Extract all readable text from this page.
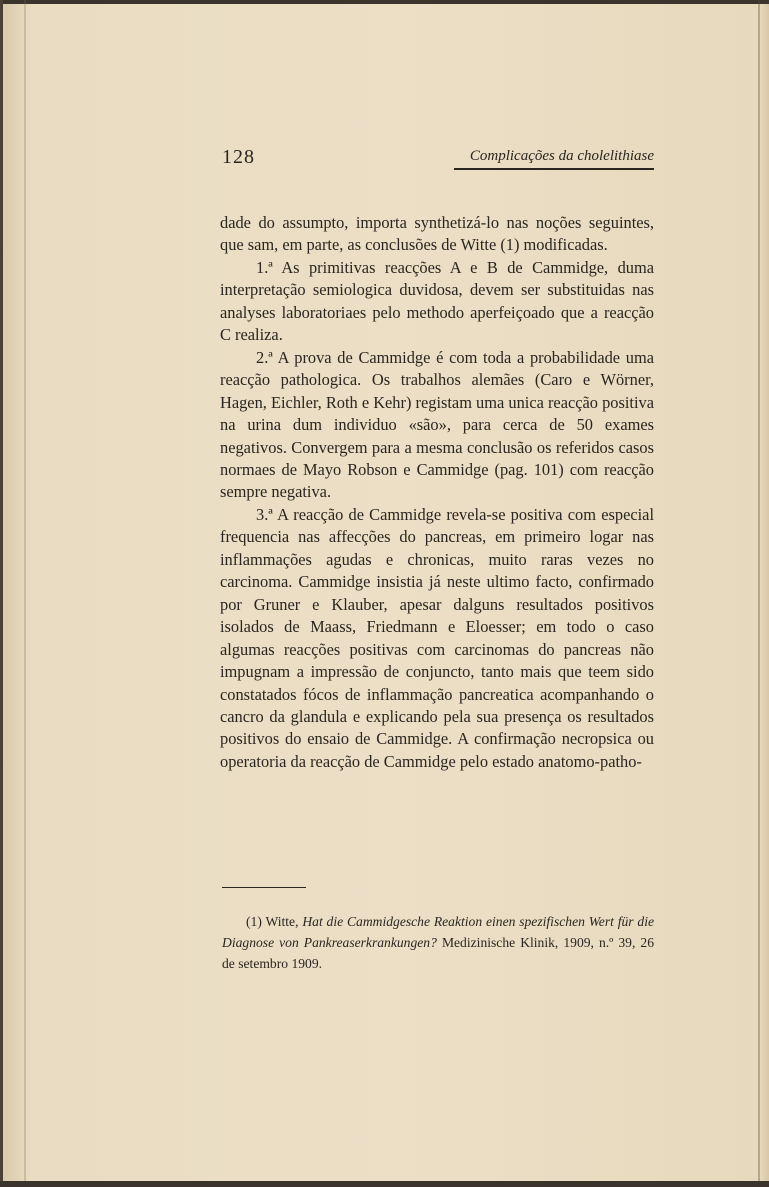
128	Complicações da cholelithiase

dade do assumpto, importa synthetizá-lo nas noções seguintes, que sam, em parte, as conclusões de Witte (1) modificadas.

1.ª As primitivas reacções A e B de Cammidge, duma interpretação semiologica duvidosa, devem ser substituidas nas analyses laboratoriaes pelo methodo aperfeiçoado que a reacção C realiza.

2.ª A prova de Cammidge é com toda a probabilidade uma reacção pathologica. Os trabalhos alemães (Caro e Wörner, Hagen, Eichler, Roth e Kehr) registam uma unica reacção positiva na urina dum individuo «são», para cerca de 50 exames negativos. Convergem para a mesma conclusão os referidos casos normaes de Mayo Robson e Cammidge (pag. 101) com reacção sempre negativa.

3.ª A reacção de Cammidge revela-se positiva com especial frequencia nas affecções do pancreas, em primeiro logar nas inflammações agudas e chronicas, muito raras vezes no carcinoma. Cammidge insistia já neste ultimo facto, confirmado por Gruner e Klauber, apesar dalguns resultados positivos isolados de Maass, Friedmann e Eloesser; em todo o caso algumas reacções positivas com carcinomas do pancreas não impugnam a impressão de conjuncto, tanto mais que teem sido constatados fócos de inflammação pancreatica acompanhando o cancro da glandula e explicando pela sua presença os resultados positivos do ensaio de Cammidge. A confirmação necropsica ou operatoria da reacção de Cammidge pelo estado anatomo-patho-

(1) Witte, Hat die Cammidgesche Reaktion einen spezifischen Wert für die Diagnose von Pankreaserkrankungen? Medizinische Klinik, 1909, n.º 39, 26 de setembro 1909.
